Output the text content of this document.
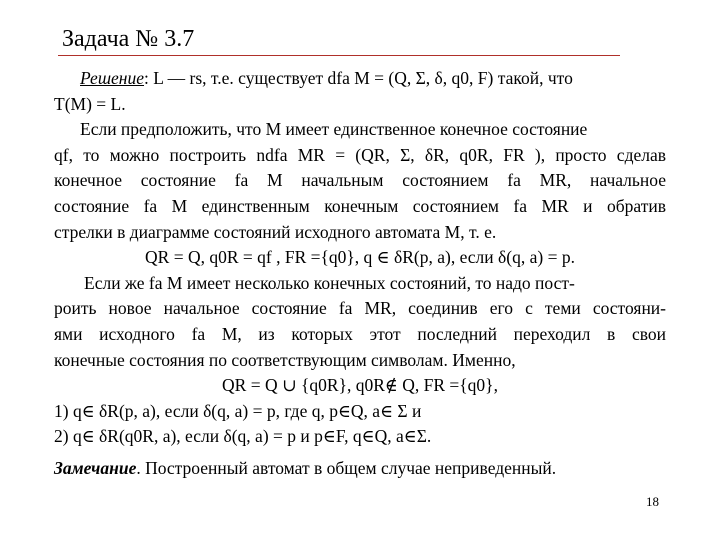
Задача № 3.7
Решение: L — rs, т.е. существует dfa M = (Q, Σ, δ, q0, F) такой, что
T(M) = L.
Если предположить, что M имеет единственное конечное состояние
qf, то можно построить ndfa MR = (QR, Σ, δR, q0R, FR ), просто сделав
конечное состояние fa M начальным состоянием fa MR, начальное
состояние fa M единственным конечным состоянием fa MR и обратив
стрелки в диаграмме состояний исходного автомата M, т. е.
QR = Q, q0R = qf , FR ={q0}, q ∈ δR(p, a), если δ(q, a) = p.
Если же fa M имеет несколько конечных состояний, то надо пост-
роить новое начальное состояние fa MR, соединив его с теми состояни-
ями исходного fa M, из которых этот последний переходил в свои
конечные состояния по соответствующим символам. Именно,
QR = Q ∪ {q0R}, q0R∉ Q, FR ={q0},
1) q∈ δR(p, a), если δ(q, a) = p, где q, p∈Q, a∈ Σ и
2) q∈ δR(q0R, a), если δ(q, a) = p и p∈F, q∈Q, a∈Σ.
Замечание. Построенный автомат в общем случае неприведенный.
18
